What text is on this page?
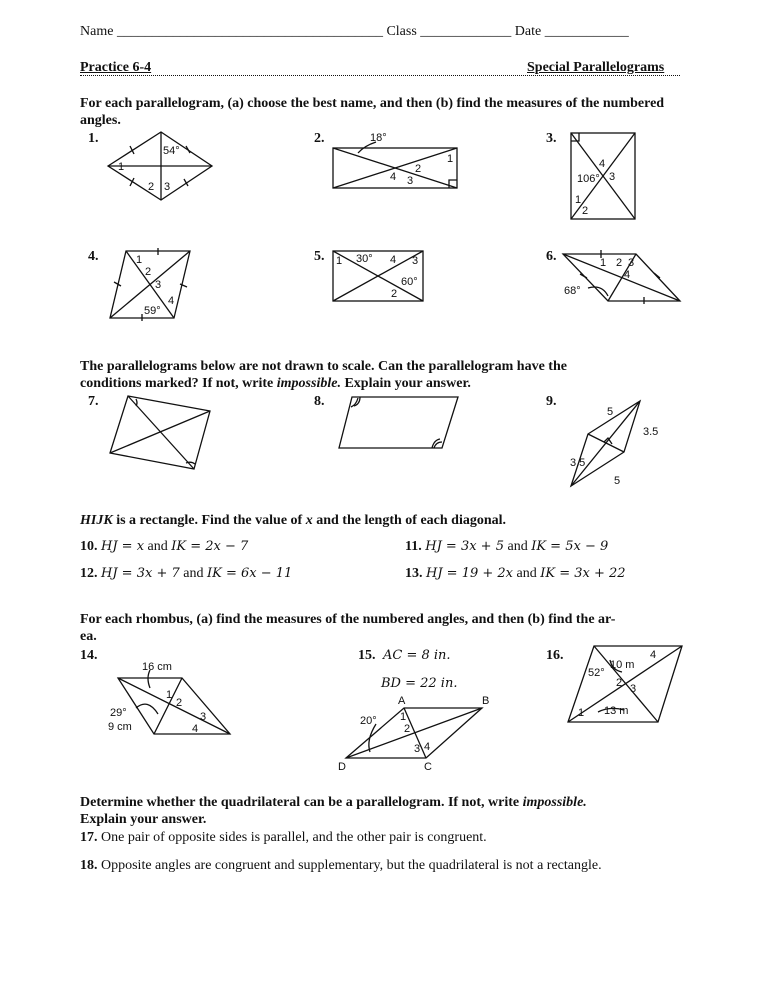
Name ______________________________________ Class _____________ Date ____________
Practice 6-4	Special Parallelograms
For each parallelogram, (a) choose the best name, and then (b) find the measures of the numbered angles.
1.	2.	3.
4.	5.	6.
54°
1
2 3
18°
1
2
4 3
4
106° 3
1
2
1
2
3
4
59°
1 30° 4 3
60°
2
1 2 3
4
68°
The parallelograms below are not drawn to scale. Can the parallelogram have the
conditions marked? If not, write impossible. Explain your answer.
7.	8.	9.
5
3.5
3.5
5
HIJK is a rectangle. Find the value of x and the length of each diagonal.
10. HJ = x and IK = 2x − 7	11. HJ = 3x + 5 and IK = 5x − 9
12. HJ = 3x + 7 and IK = 6x − 11	13. HJ = 19 + 2x and IK = 3x + 22
For each rhombus, (a) find the measures of the numbered angles, and then (b) find the ar-
ea.
14.	15. AC = 8 in.
BD = 22 in.
16.
16 cm
1
2
29°
9 cm
3
4
A	B
20° 1
2
3 4
D	C
52°
10 m
4
2 3
1 13 m
Determine whether the quadrilateral can be a parallelogram. If not, write impossible.
Explain your answer.
17. One pair of opposite sides is parallel, and the other pair is congruent.
18. Opposite angles are congruent and supplementary, but the quadrilateral is not a rectangle.
